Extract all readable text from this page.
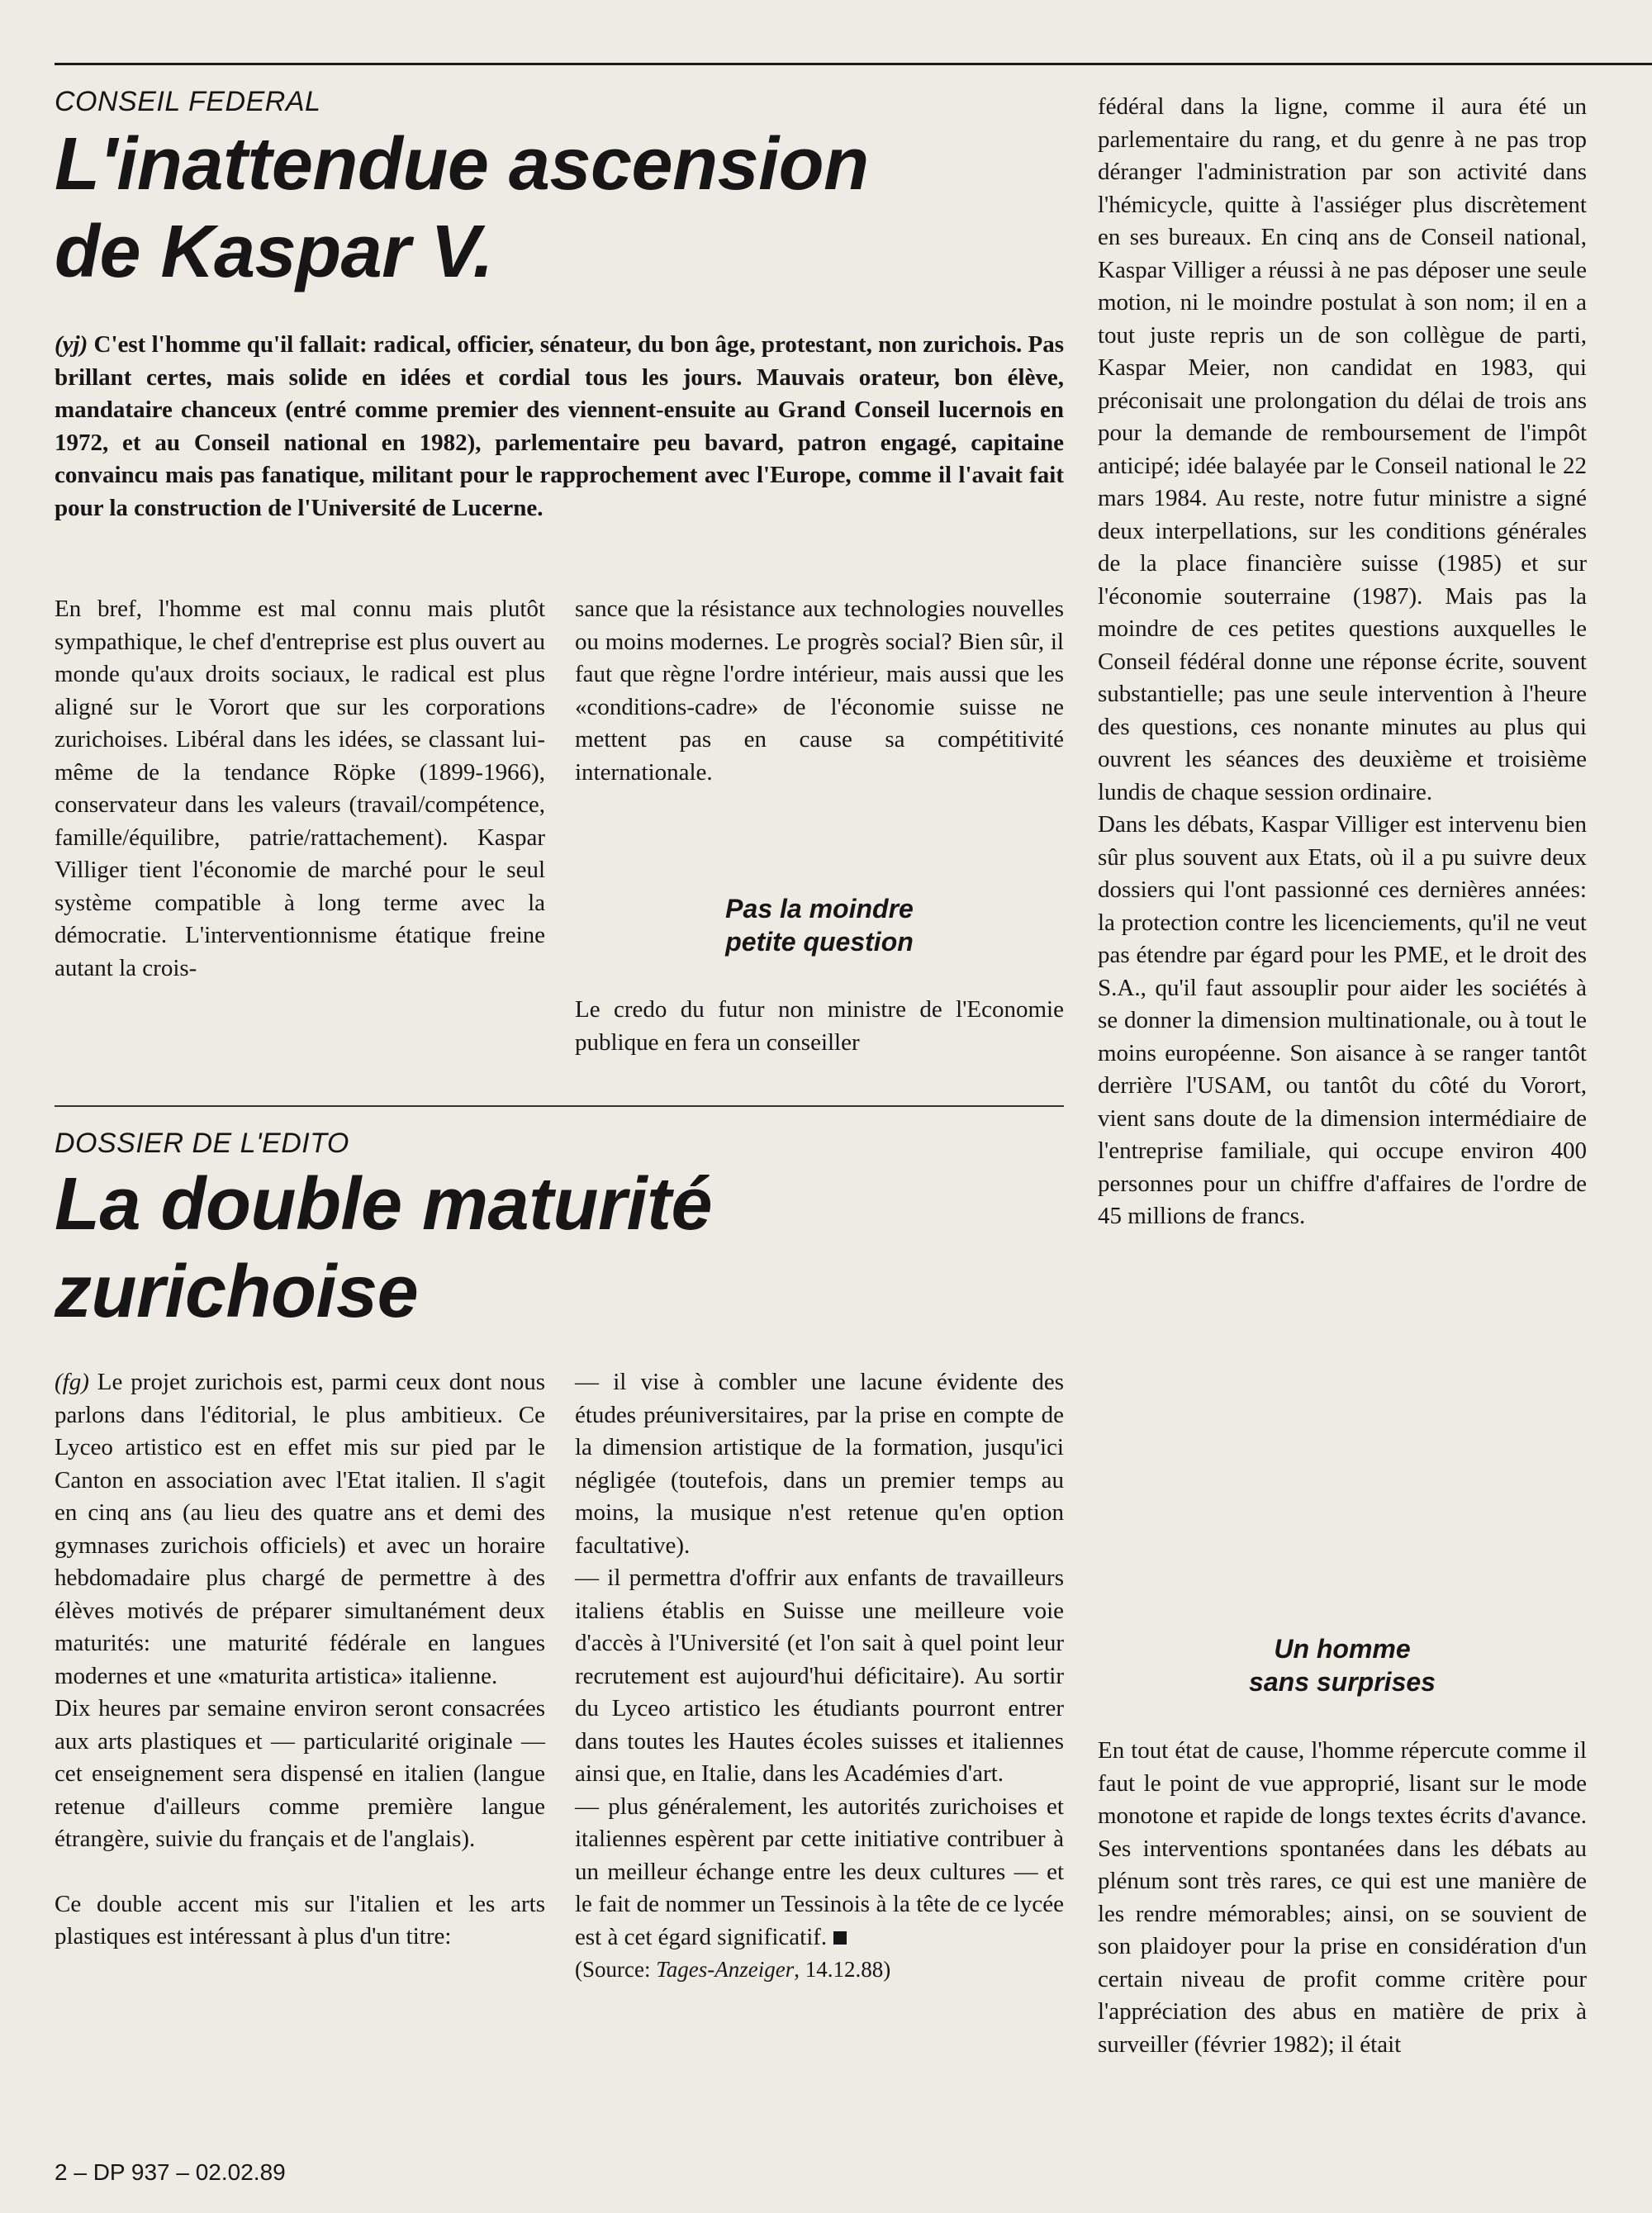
CONSEIL FEDERAL
L'inattendue ascension
de Kaspar V.

(yj) C'est l'homme qu'il fallait: radical, officier, sénateur, du bon âge, protestant, non zurichois. Pas brillant certes, mais solide en idées et cordial tous les jours. Mauvais orateur, bon élève, mandataire chanceux (entré comme premier des viennent-ensuite au Grand Conseil lucernois en 1972, et au Conseil national en 1982), parlementaire peu bavard, patron engagé, capitaine convaincu mais pas fanatique, militant pour le rapprochement avec l'Europe, comme il l'avait fait pour la construction de l'Université de Lucerne.

En bref, l'homme est mal connu mais plutôt sympathique, le chef d'entreprise est plus ouvert au monde qu'aux droits sociaux, le radical est plus aligné sur le Vorort que sur les corporations zurichoises. Libéral dans les idées, se classant lui-même de la tendance Röpke (1899-1966), conservateur dans les valeurs (travail/compétence, famille/équilibre, patrie/rattachement). Kaspar Villiger tient l'économie de marché pour le seul système compatible à long terme avec la démocratie. L'interventionnisme étatique freine autant la crois-

sance que la résistance aux technologies nouvelles ou moins modernes. Le progrès social? Bien sûr, il faut que règne l'ordre intérieur, mais aussi que les «conditions-cadre» de l'économie suisse ne mettent pas en cause sa compétitivité internationale.

Pas la moindre
petite question

Le credo du futur non ministre de l'Economie publique en fera un conseiller

fédéral dans la ligne, comme il aura été un parlementaire du rang, et du genre à ne pas trop déranger l'administration par son activité dans l'hémicycle, quitte à l'assiéger plus discrètement en ses bureaux. En cinq ans de Conseil national, Kaspar Villiger a réussi à ne pas déposer une seule motion, ni le moindre postulat à son nom; il en a tout juste repris un de son collègue de parti, Kaspar Meier, non candidat en 1983, qui préconisait une prolongation du délai de trois ans pour la demande de remboursement de l'impôt anticipé; idée balayée par le Conseil national le 22 mars 1984. Au reste, notre futur ministre a signé deux interpellations, sur les conditions générales de la place financière suisse (1985) et sur l'économie souterraine (1987). Mais pas la moindre de ces petites questions auxquelles le Conseil fédéral donne une réponse écrite, souvent substantielle; pas une seule intervention à l'heure des questions, ces nonante minutes au plus qui ouvrent les séances des deuxième et troisième lundis de chaque session ordinaire.

Dans les débats, Kaspar Villiger est intervenu bien sûr plus souvent aux Etats, où il a pu suivre deux dossiers qui l'ont passionné ces dernières années: la protection contre les licenciements, qu'il ne veut pas étendre par égard pour les PME, et le droit des S.A., qu'il faut assouplir pour aider les sociétés à se donner la dimension multinationale, ou à tout le moins européenne. Son aisance à se ranger tantôt derrière l'USAM, ou tantôt du côté du Vorort, vient sans doute de la dimension intermédiaire de l'entreprise familiale, qui occupe environ 400 personnes pour un chiffre d'affaires de l'ordre de 45 millions de francs.

Un homme
sans surprises

En tout état de cause, l'homme répercute comme il faut le point de vue approprié, lisant sur le mode monotone et rapide de longs textes écrits d'avance. Ses interventions spontanées dans les débats au plénum sont très rares, ce qui est une manière de les rendre mémorables; ainsi, on se souvient de son plaidoyer pour la prise en considération d'un certain niveau de profit comme critère pour l'appréciation des abus en matière de prix à surveiller (février 1982); il était

DOSSIER DE L'EDITO
La double maturité
zurichoise

(fg) Le projet zurichois est, parmi ceux dont nous parlons dans l'éditorial, le plus ambitieux. Ce Lyceo artistico est en effet mis sur pied par le Canton en association avec l'Etat italien. Il s'agit en cinq ans (au lieu des quatre ans et demi des gymnases zurichois officiels) et avec un horaire hebdomadaire plus chargé de permettre à des élèves motivés de préparer simultanément deux maturités: une maturité fédérale en langues modernes et une «maturita artistica» italienne.

Dix heures par semaine environ seront consacrées aux arts plastiques et — particularité originale — cet enseignement sera dispensé en italien (langue retenue d'ailleurs comme première langue étrangère, suivie du français et de l'anglais).

Ce double accent mis sur l'italien et les arts plastiques est intéressant à plus d'un titre:

— il vise à combler une lacune évidente des études préuniversitaires, par la prise en compte de la dimension artistique de la formation, jusqu'ici négligée (toutefois, dans un premier temps au moins, la musique n'est retenue qu'en option facultative).

— il permettra d'offrir aux enfants de travailleurs italiens établis en Suisse une meilleure voie d'accès à l'Université (et l'on sait à quel point leur recrutement est aujourd'hui déficitaire). Au sortir du Lyceo artistico les étudiants pourront entrer dans toutes les Hautes écoles suisses et italiennes ainsi que, en Italie, dans les Académies d'art.

— plus généralement, les autorités zurichoises et italiennes espèrent par cette initiative contribuer à un meilleur échange entre les deux cultures — et le fait de nommer un Tessinois à la tête de ce lycée est à cet égard significatif.

(Source: Tages-Anzeiger, 14.12.88)

2 – DP 937 – 02.02.89
